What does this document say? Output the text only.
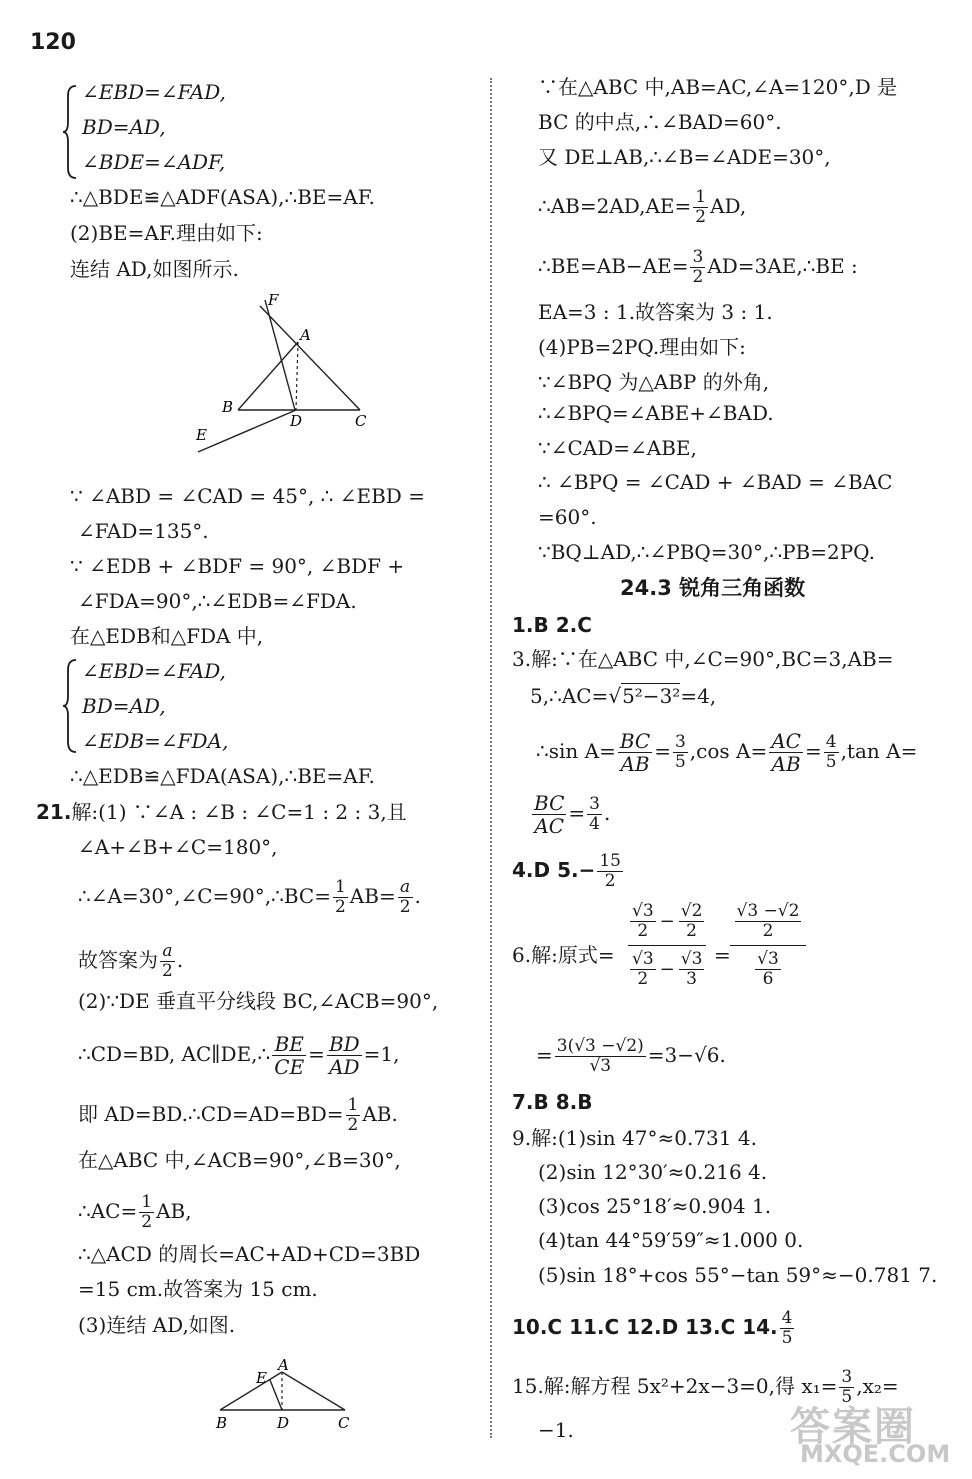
120
∠EBD=∠FAD,
BD=AD,
∠BDE=∠ADF,
∴△BDE≌△ADF(ASA),∴BE=AF.
(2)BE=AF.理由如下:
连结 AD,如图所示.
F
A
B
D	C
E
∵ ∠ABD = ∠CAD = 45°, ∴ ∠EBD =
∠FAD=135°.
∵ ∠EDB + ∠BDF = 90°, ∠BDF +
∠FDA=90°,∴∠EDB=∠FDA.
在△EDB和△FDA 中,
∠EBD=∠FAD,
BD=AD,
∠EDB=∠FDA,
∴△EDB≌△FDA(ASA),∴BE=AF.
21.解:(1) ∵∠A : ∠B : ∠C=1 : 2 : 3,且
∠A+∠B+∠C=180°,
∴∠A=30°,∠C=90°,∴BC= $\frac{1}{2} AB= \frac{a}{2}$ .
故答案为 $\frac{a}{2}$ .
(2)∵DE 垂直平分线段 BC,∠ACB=90°,
∴CD=BD, AC∥DE,∴ $\frac{BE}{CE} = \frac{BD}{AD} =1$,
即 AD=BD.∴CD=AD=BD= $\frac{1}{2}$ AB.
在△ABC 中,∠ACB=90°,∠B=30°,
∴AC= $\frac{1}{2}$ AB,
∴△ACD 的周长=AC+AD+CD=3BD
=15 cm.故答案为 15 cm.
(3)连结 AD,如图.
A
E
B	D	C
∵在△ABC 中,AB=AC,∠A=120°,D 是
BC 的中点,∴∠BAD=60°.
又 DE⊥AB,∴∠B=∠ADE=30°,
∴AB=2AD,AE= $\frac{1}{2}$ AD,
∴BE=AB−AE= $\frac{3}{2}$ AD=3AE,∴BE :
EA=3 : 1.故答案为 3 : 1.
(4)PB=2PQ.理由如下:
∵∠BPQ 为△ABP 的外角,
∴∠BPQ=∠ABE+∠BAD.
∵∠CAD=∠ABE,
∴ ∠BPQ = ∠CAD + ∠BAD = ∠BAC
=60°.
∵BQ⊥AD,∴∠PBQ=30°,∴PB=2PQ.
24.3 锐角三角函数
1.B 2.C
3.解:∵在△ABC 中,∠C=90°,BC=3,AB=
5,∴AC=√5²−3²=4,
∴sin $A= \frac{BC}{AB} = \frac{3}{5} ,\cos$ $A= \frac{AC}{AB} = \frac{4}{5} ,\tan$ A=
$\frac{BC}{AC} = \frac{3}{4}$ .
4.D $5.- \frac{15}{2}$
6.解:原式=
√3
$2 - \frac{√2}{2}$
√3
$2 - \frac{√3}{3}$ =
$\frac{√3 -√2}{2}$
$\frac{√3}{6}$
= $\frac{3(√3 -√2)}{√3} =3-√6$.
7.B 8.B
9.解:(1)sin 47°≈0.731 4.
(2)sin 12°30′≈0.216 4.
(3)cos 25°18′≈0.904 1.
(4)tan 44°59′59″≈1.000 0.
(5)sin 18°+cos 55°−tan 59°≈−0.781 7.
10.C 11.C 12.D 13.C 14. $\frac{4}{5}$
15.解:解方程 5x²+2x−3=0,得 $x_1= \frac{3}{5} ,x_2=$
−1.	答案圈
MXQE.COM
